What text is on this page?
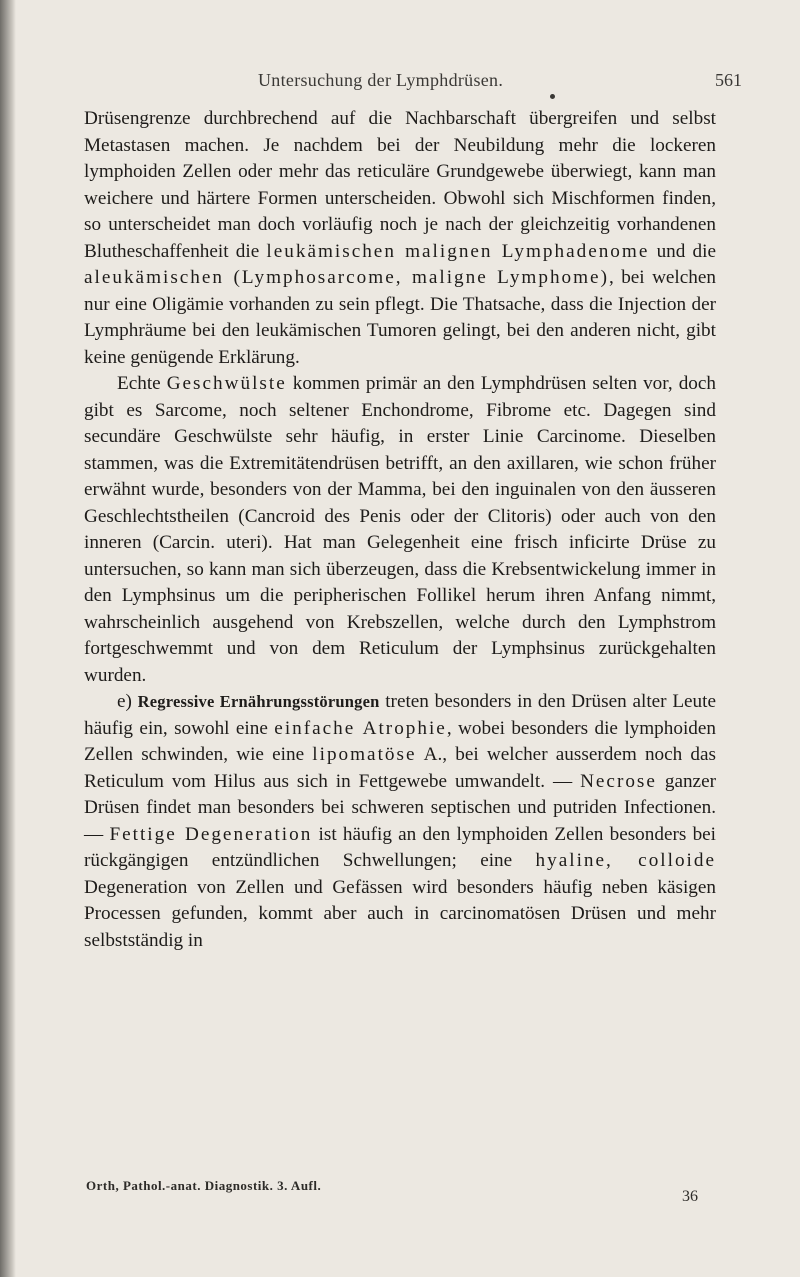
Untersuchung der Lymphdrüsen.	561

Drüsengrenze durchbrechend auf die Nachbarschaft übergreifen und selbst Metastasen machen. Je nachdem bei der Neubildung mehr die lockeren lymphoiden Zellen oder mehr das reticuläre Grundgewebe überwiegt, kann man weichere und härtere Formen unterscheiden. Obwohl sich Mischformen finden, so unterscheidet man doch vorläufig noch je nach der gleichzeitig vorhandenen Blutheschaffenheit die leukämischen malignen Lymphadenome und die aleukämischen (Lymphosarcome, maligne Lymphome), bei welchen nur eine Oligämie vorhanden zu sein pflegt. Die Thatsache, dass die Injection der Lymphräume bei den leukämischen Tumoren gelingt, bei den anderen nicht, gibt keine genügende Erklärung.

Echte Geschwülste kommen primär an den Lymphdrüsen selten vor, doch gibt es Sarcome, noch seltener Enchondrome, Fibrome etc. Dagegen sind secundäre Geschwülste sehr häufig, in erster Linie Carcinome. Dieselben stammen, was die Extremitätendrüsen betrifft, an den axillaren, wie schon früher erwähnt wurde, besonders von der Mamma, bei den inguinalen von den äusseren Geschlechtstheilen (Cancroid des Penis oder der Clitoris) oder auch von den inneren (Carcin. uteri). Hat man Gelegenheit eine frisch inficirte Drüse zu untersuchen, so kann man sich überzeugen, dass die Krebsentwickelung immer in den Lymphsinus um die peripherischen Follikel herum ihren Anfang nimmt, wahrscheinlich ausgehend von Krebszellen, welche durch den Lymphstrom fortgeschwemmt und von dem Reticulum der Lymphsinus zurückgehalten wurden.

e) Regressive Ernährungsstörungen treten besonders in den Drüsen alter Leute häufig ein, sowohl eine einfache Atrophie, wobei besonders die lymphoiden Zellen schwinden, wie eine lipomatöse A., bei welcher ausserdem noch das Reticulum vom Hilus aus sich in Fettgewebe umwandelt. — Necrose ganzer Drüsen findet man besonders bei schweren septischen und putriden Infectionen. — Fettige Degeneration ist häufig an den lymphoiden Zellen besonders bei rückgängigen entzündlichen Schwellungen; eine hyaline, colloide Degeneration von Zellen und Gefässen wird besonders häufig neben käsigen Processen gefunden, kommt aber auch in carcinomatösen Drüsen und mehr selbstständig in

Orth, Pathol.-anat. Diagnostik. 3. Aufl.
36
